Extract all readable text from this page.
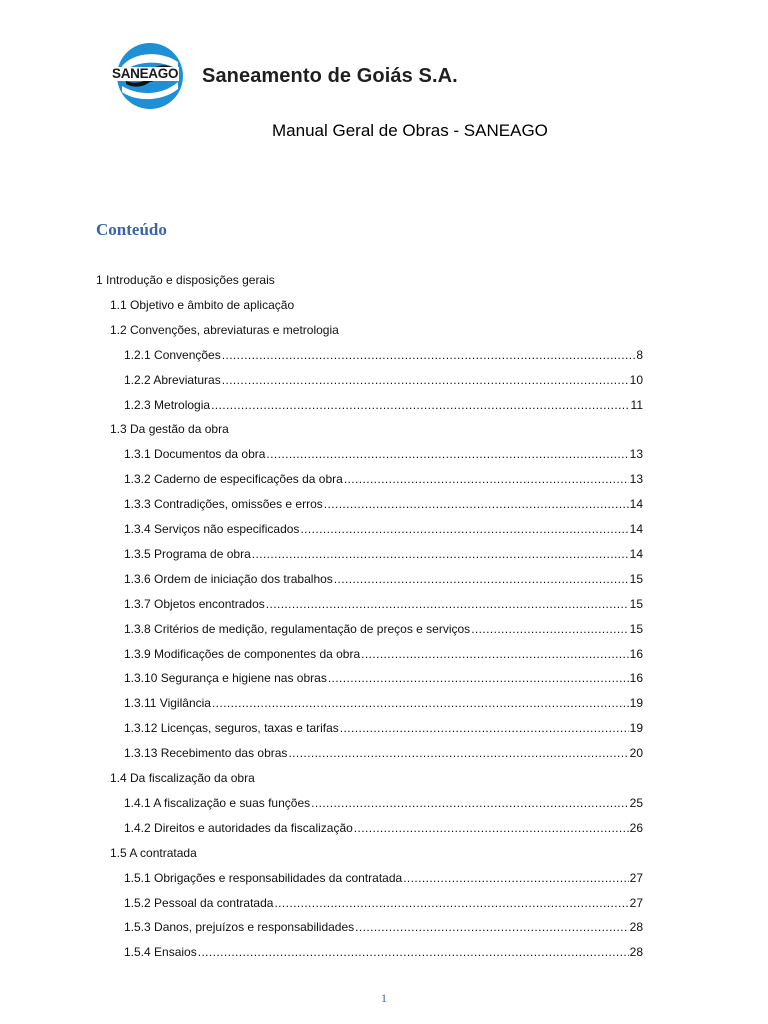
SANEAGO Saneamento de Goiás S.A.
Manual Geral de Obras - SANEAGO
Conteúdo
1 Introdução e disposições gerais
1.1 Objetivo e âmbito de aplicação
1.2 Convenções, abreviaturas e metrologia
1.2.1 Convenções .....	8
1.2.2 Abreviaturas .....	10
1.2.3 Metrologia .....	11
1.3 Da gestão da obra
1.3.1 Documentos da obra .....	13
1.3.2 Caderno de especificações da obra .....	13
1.3.3 Contradições, omissões e erros .....	14
1.3.4 Serviços não especificados .....	14
1.3.5 Programa de obra .....	14
1.3.6 Ordem de iniciação dos trabalhos .....	15
1.3.7 Objetos encontrados .....	15
1.3.8 Critérios de medição, regulamentação de preços e serviços .....	15
1.3.9 Modificações de componentes da obra .....	16
1.3.10 Segurança e higiene nas obras .....	16
1.3.11 Vigilância .....	19
1.3.12 Licenças, seguros, taxas e tarifas .....	19
1.3.13 Recebimento das obras .....	20
1.4 Da fiscalização da obra
1.4.1 A fiscalização e suas funções .....	25
1.4.2 Direitos e autoridades da fiscalização .....	26
1.5 A contratada
1.5.1 Obrigações e responsabilidades da contratada .....	27
1.5.2 Pessoal da contratada .....	27
1.5.3 Danos, prejuízos e responsabilidades .....	28
1.5.4 Ensaios .....	28
1
